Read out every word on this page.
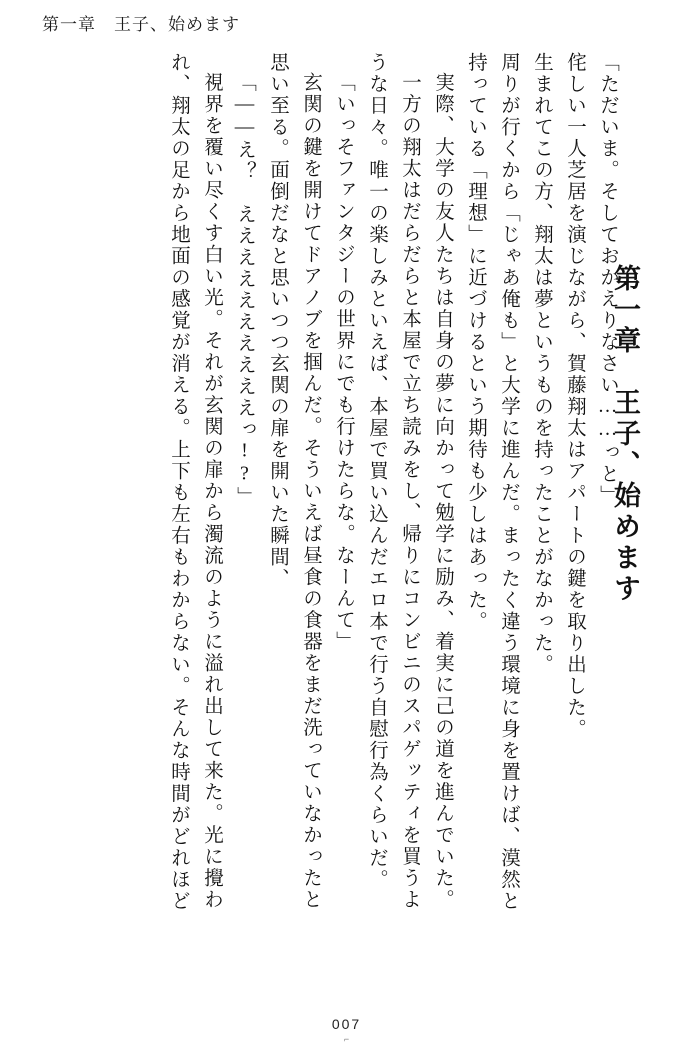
第一章　王子、始めます

第一章　王子、始めます

「ただいま。そしておかえりなさい……っと」
侘しい一人芝居を演じながら、賀藤翔太はアパートの鍵を取り出した。
生まれてこの方、翔太は夢というものを持ったことがなかった。
周りが行くから「じゃあ俺も」と大学に進んだ。まったく違う環境に身を置けば、漠然と
持っている「理想」に近づけるという期待も少しはあった。
実際、大学の友人たちは自身の夢に向かって勉学に励み、着実に己の道を進んでいた。
一方の翔太はだらだらと本屋で立ち読みをし、帰りにコンビニのスパゲッティを買うよ
うな日々。唯一の楽しみといえば、本屋で買い込んだエロ本で行う自慰行為くらいだ。
「いっそファンタジーの世界にでも行けたらな。なーんて」
玄関の鍵を開けてドアノブを掴んだ。そういえば昼食の食器をまだ洗っていなかったと
思い至る。面倒だなと思いつつ玄関の扉を開いた瞬間、
「――え？　ええええええええええっ!?」
視界を覆い尽くす白い光。それが玄関の扉から濁流のように溢れ出して来た。光に攪わ
れ、翔太の足から地面の感覚が消える。上下も左右もわからない。そんな時間がどれほど
007
⌐
